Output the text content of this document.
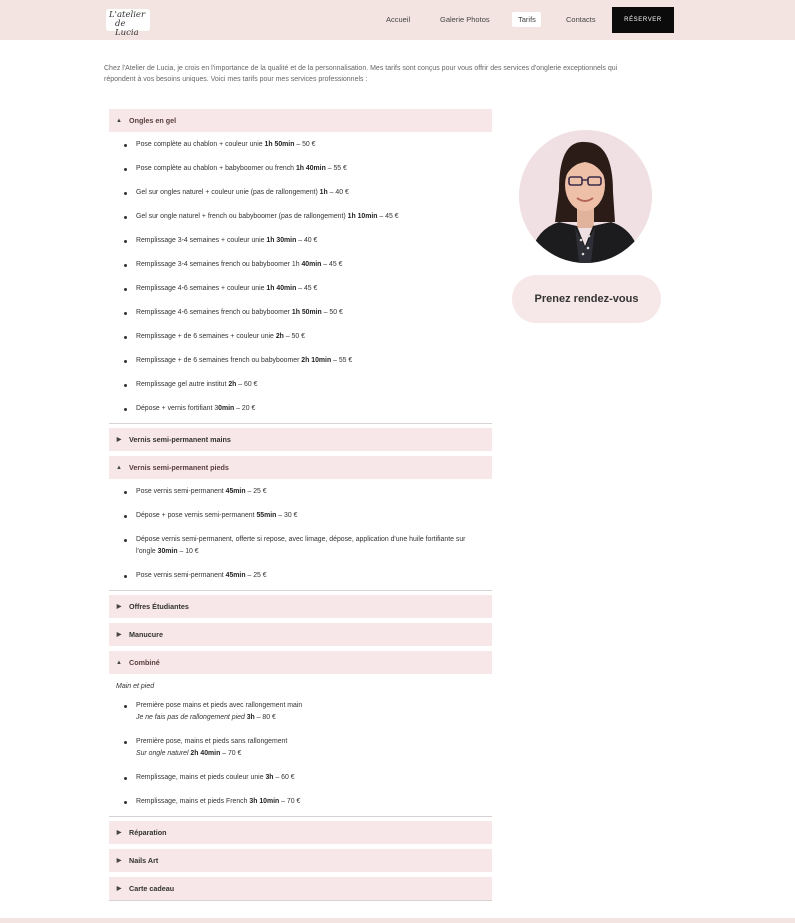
L'atelier
de Lucia
Accueil	Galerie Photos	Tarifs	Contacts	RÉSERVER

Chez l'Atelier de Lucia, je crois en l'importance de la qualité et de la personnalisation. Mes tarifs sont conçus pour vous offrir des services d'onglerie exceptionnels qui répondent à vos besoins uniques. Voici mes tarifs pour mes services professionnels :

▲ Ongles en gel
Pose complète au chablon + couleur unie 1h 50min – 50 €
Pose complète au chablon + babyboomer ou french 1h 40min – 55 €
Gel sur ongles naturel + couleur unie (pas de rallongement) 1h – 40 €
Gel sur ongle naturel + french ou babyboomer (pas de rallongement) 1h 10min – 45 €
Remplissage 3-4 semaines + couleur unie 1h 30min – 40 €
Remplissage 3-4 semaines french ou babyboomer 1h 40min – 45 €
Remplissage 4-6 semaines + couleur unie 1h 40min – 45 €
Remplissage 4-6 semaines french ou babyboomer 1h 50min – 50 €
Remplissage + de 6 semaines + couleur unie 2h – 50 €
Remplissage + de 6 semaines french ou babyboomer 2h 10min – 55 €
Remplissage gel autre institut 2h – 60 €
Dépose + vernis fortifiant 30min – 20 €
▶	Vernis semi-permanent mains
▲ Vernis semi-permanent pieds
Pose vernis semi-permanent 45min – 25 €
Dépose + pose vernis semi-permanent 55min – 30 €
Dépose vernis semi-permanent, offerte si repose, avec limage, dépose, application d'une huile fortifiante sur l'ongle 30min – 10 €
Pose vernis semi-permanent 45min – 25 €
▶	Offres Étudiantes
▶	Manucure
▲ Combiné
Main et pied
Première pose mains et pieds avec rallongement main
Je ne fais pas de rallongement pied 3h – 80 €
Première pose, mains et pieds sans rallongement
Sur ongle naturel 2h 40min – 70 €
Remplissage, mains et pieds couleur unie 3h – 60 €
Remplissage, mains et pieds French 3h 10min – 70 €
▶	Réparation
▶	Nails Art
▶	Carte cadeau
Prenez rendez-vous
